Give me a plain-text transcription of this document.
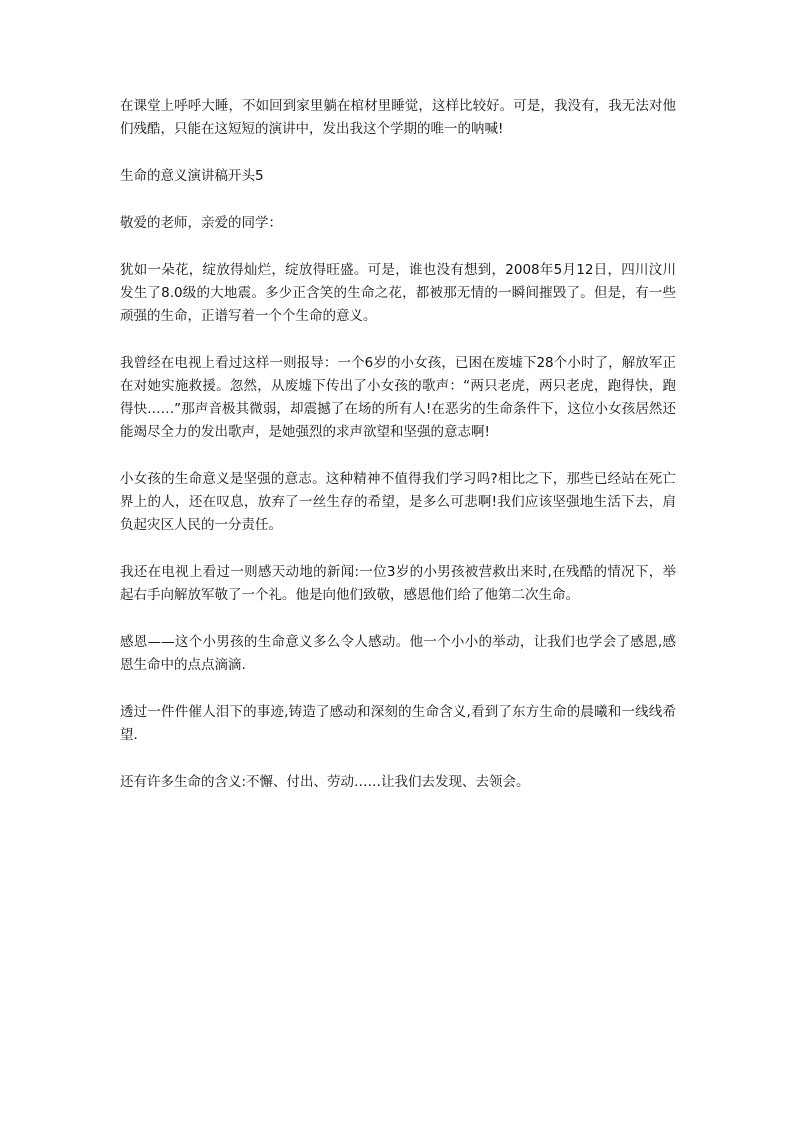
在课堂上呼呼大睡，不如回到家里躺在棺材里睡觉，这样比较好。可是，我没有，我无法对他们残酷，只能在这短短的演讲中，发出我这个学期的唯一的呐喊!

生命的意义演讲稿开头5

敬爱的老师，亲爱的同学：

犹如一朵花，绽放得灿烂，绽放得旺盛。可是，谁也没有想到，2008年5月12日，四川汶川发生了8.0级的大地震。多少正含笑的生命之花，都被那无情的一瞬间摧毁了。但是，有一些顽强的生命，正谱写着一个个生命的意义。

我曾经在电视上看过这样一则报导：一个6岁的小女孩，已困在废墟下28个小时了，解放军正在对她实施救援。忽然，从废墟下传出了小女孩的歌声：“两只老虎，两只老虎，跑得快，跑得快……”那声音极其微弱，却震撼了在场的所有人!在恶劣的生命条件下，这位小女孩居然还能竭尽全力的发出歌声，是她强烈的求声欲望和坚强的意志啊!

小女孩的生命意义是坚强的意志。这种精神不值得我们学习吗?相比之下，那些已经站在死亡界上的人，还在叹息，放弃了一丝生存的希望，是多么可悲啊!我们应该坚强地生活下去，肩负起灾区人民的一分责任。

我还在电视上看过一则感天动地的新闻:一位3岁的小男孩被营救出来时,在残酷的情况下，举起右手向解放军敬了一个礼。他是向他们致敬，感恩他们给了他第二次生命。

感恩——这个小男孩的生命意义多么令人感动。他一个小小的举动，让我们也学会了感恩,感恩生命中的点点滴滴.

透过一件件催人泪下的事迹,铸造了感动和深刻的生命含义,看到了东方生命的晨曦和一线线希望.

还有许多生命的含义:不懈、付出、劳动……让我们去发现、去领会。
